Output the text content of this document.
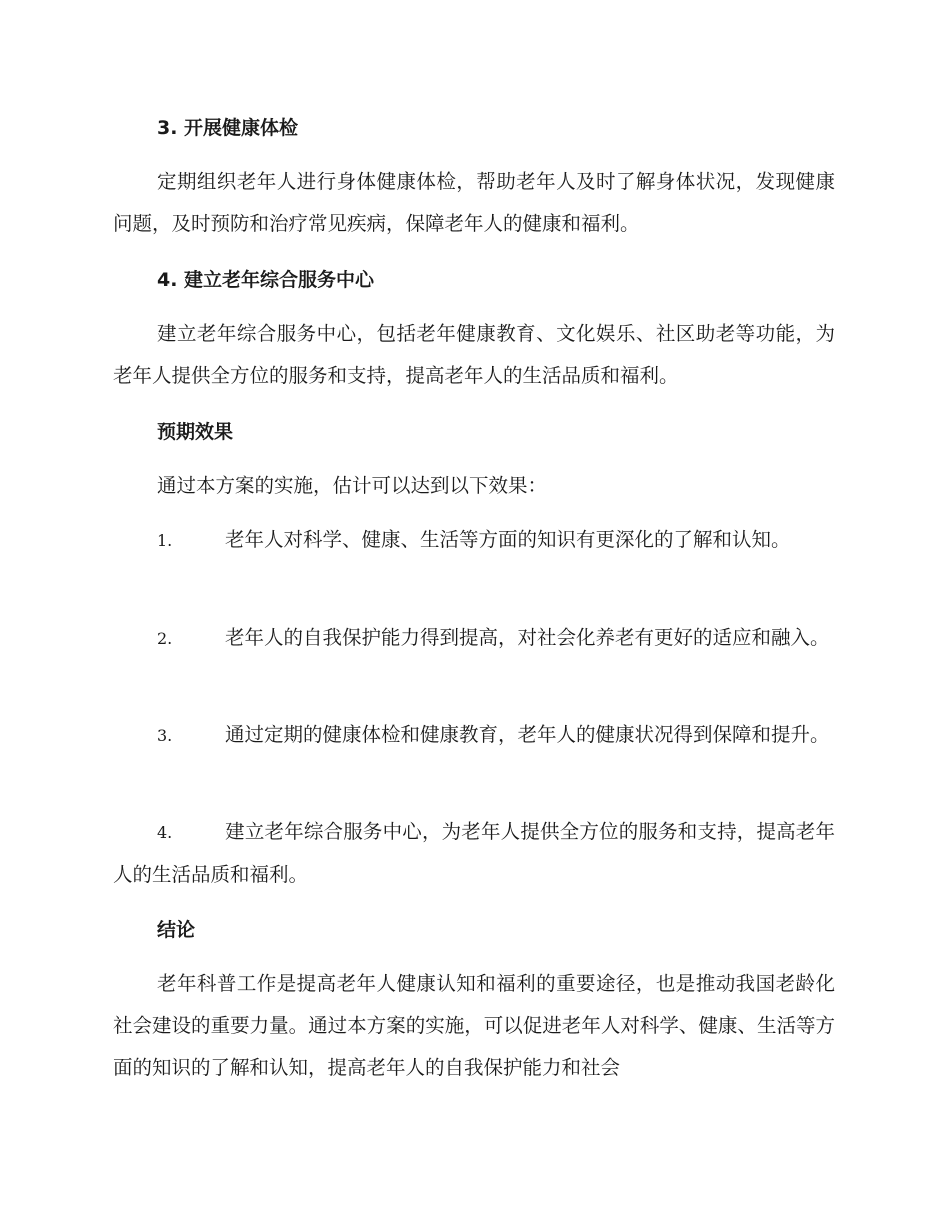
3. 开展健康体检
定期组织老年人进行身体健康体检，帮助老年人及时了解身体状况，发现健康问题，及时预防和治疗常见疾病，保障老年人的健康和福利。
4. 建立老年综合服务中心
建立老年综合服务中心，包括老年健康教育、文化娱乐、社区助老等功能，为老年人提供全方位的服务和支持，提高老年人的生活品质和福利。
预期效果
通过本方案的实施，估计可以达到以下效果：
1.	老年人对科学、健康、生活等方面的知识有更深化的了解和认知。
2.	老年人的自我保护能力得到提高，对社会化养老有更好的适应和融入。
3.	通过定期的健康体检和健康教育，老年人的健康状况得到保障和提升。
4.	建立老年综合服务中心，为老年人提供全方位的服务和支持，提高老年人的生活品质和福利。
结论
老年科普工作是提高老年人健康认知和福利的重要途径，也是推动我国老龄化社会建设的重要力量。通过本方案的实施，可以促进老年人对科学、健康、生活等方面的知识的了解和认知，提高老年人的自我保护能力和社会
